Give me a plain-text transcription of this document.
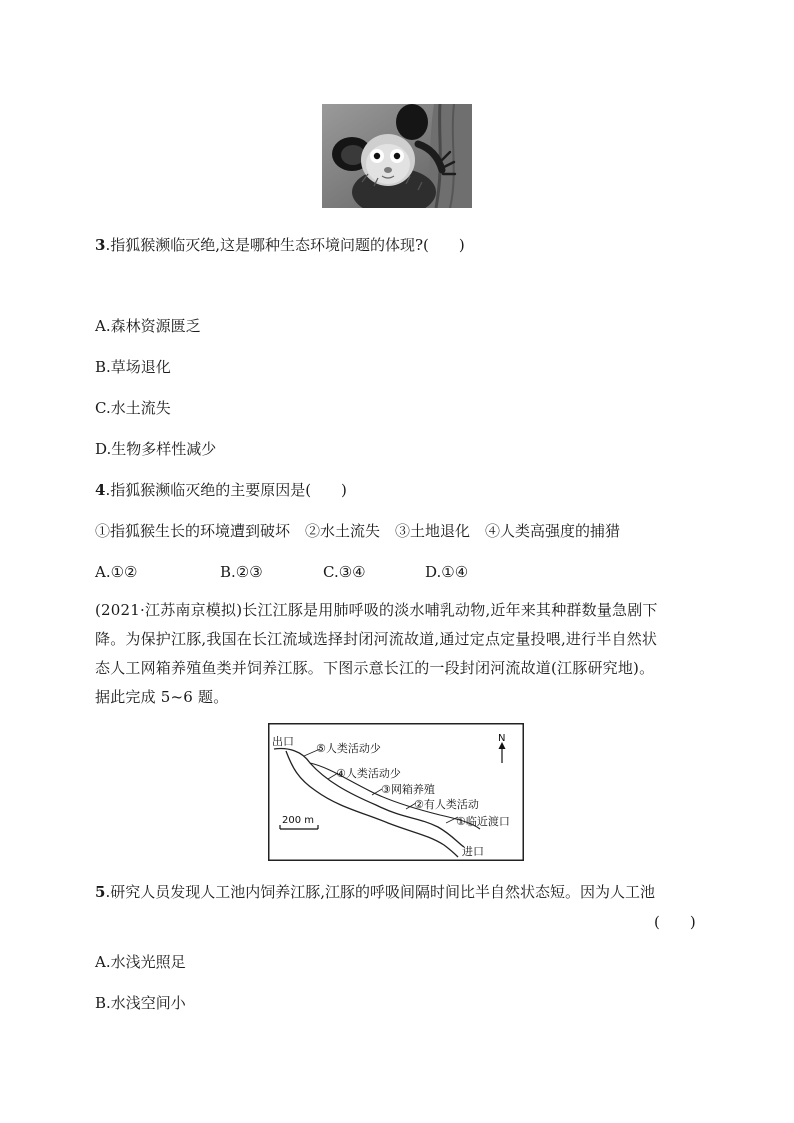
3.指狐猴濒临灭绝,这是哪种生态环境问题的体现?(　　)
A.森林资源匮乏
B.草场退化
C.水土流失
D.生物多样性减少
4.指狐猴濒临灭绝的主要原因是(　　)
①指狐猴生长的环境遭到破坏　②水土流失　③土地退化　④人类高强度的捕猎
A.①②	B.②③	C.③④	D.①④
(2021·江苏南京模拟)长江江豚是用肺呼吸的淡水哺乳动物,近年来其种群数量急剧下
降。为保护江豚,我国在长江流域选择封闭河流故道,通过定点定量投喂,进行半自然状
态人工网箱养殖鱼类并饲养江豚。下图示意长江的一段封闭河流故道(江豚研究地)。
据此完成 5~6 题。
出口
进口
⑤人类活动少
④人类活动少
③网箱养殖
②有人类活动
①临近渡口
N
200 m
5.研究人员发现人工池内饲养江豚,江豚的呼吸间隔时间比半自然状态短。因为人工池
(　　)
A.水浅光照足
B.水浅空间小
